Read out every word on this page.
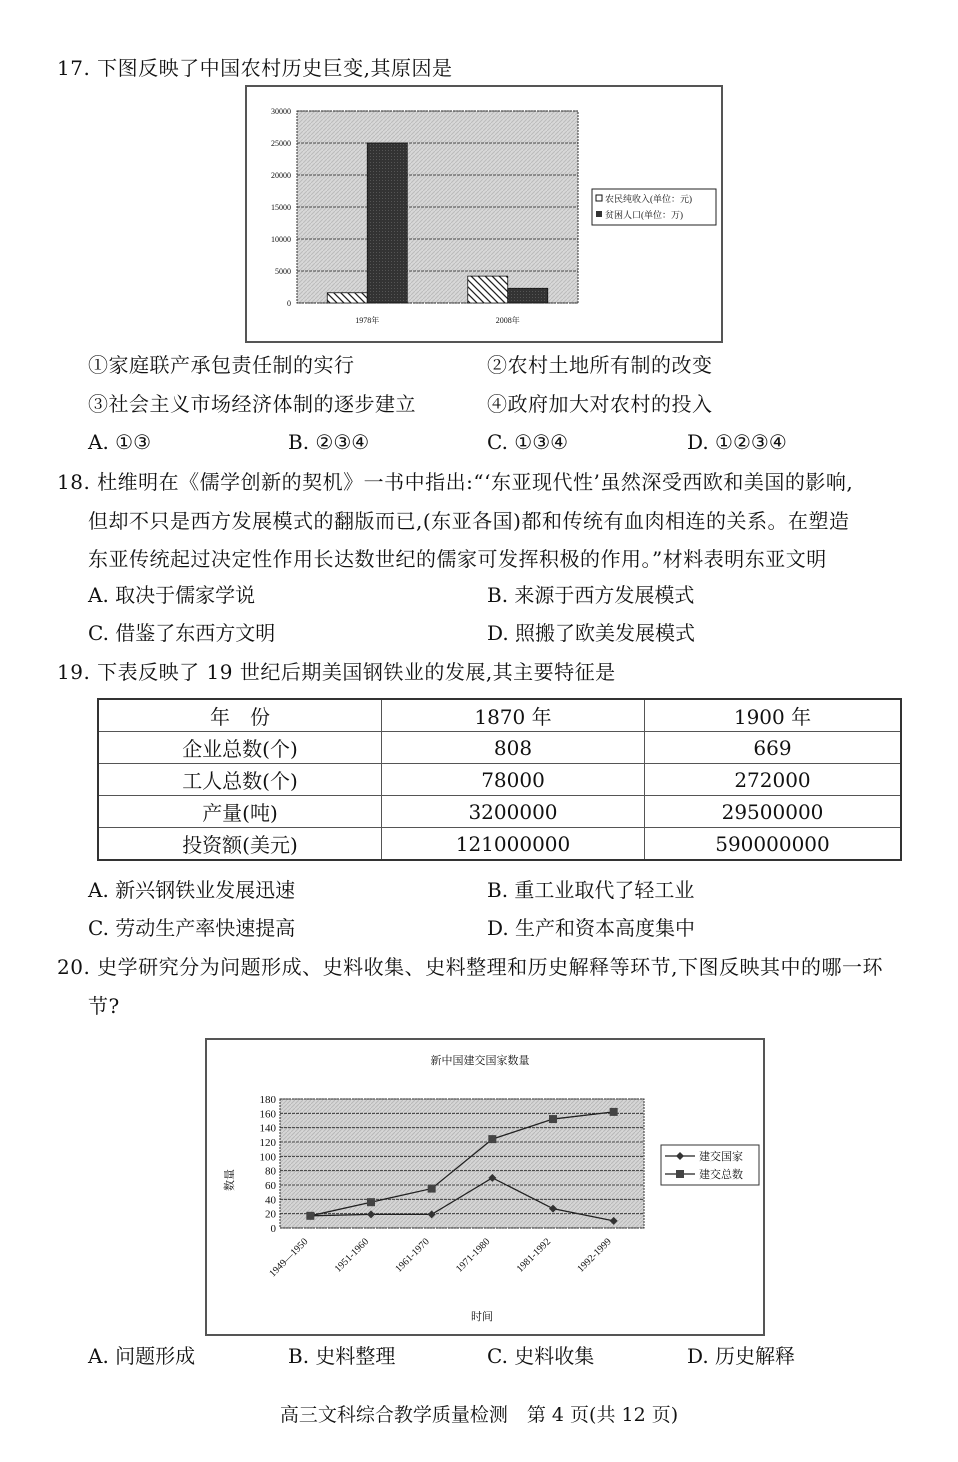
17. 下图反映了中国农村历史巨变,其原因是
0
5000
10000
15000
20000
25000
30000
1978年	2008年
农民纯收入(单位：元)
贫困人口(单位：万)
①家庭联产承包责任制的实行	②农村土地所有制的改变
③社会主义市场经济体制的逐步建立	④政府加大对农村的投入
A. ①③	B. ②③④	C. ①③④	D. ①②③④
18. 杜维明在《儒学创新的契机》一书中指出:“‘东亚现代性’虽然深受西欧和美国的影响,
但却不只是西方发展模式的翻版而已,(东亚各国)都和传统有血肉相连的关系。在塑造
东亚传统起过决定性作用长达数世纪的儒家可发挥积极的作用。”材料表明东亚文明
A. 取决于儒家学说	B. 来源于西方发展模式
C. 借鉴了东西方文明	D. 照搬了欧美发展模式
19. 下表反映了 19 世纪后期美国钢铁业的发展,其主要特征是
年　份	1870 年	1900 年
企业总数(个)	808	669
工人总数(个)	78000	272000
产量(吨)	3200000	29500000
投资额(美元)	121000000	590000000
A. 新兴钢铁业发展迅速	B. 重工业取代了轻工业
C. 劳动生产率快速提高	D. 生产和资本高度集中
20. 史学研究分为问题形成、史料收集、史料整理和历史解释等环节,下图反映其中的哪一环
节?
新中国建交国家数量
0
20
40
60
80
100
120
140
160
180
1949—1950 1951-1960 1961-1970 1971-1980 1981-1992 1992-1999
建交国家
建交总数
时间
数量
A. 问题形成	B. 史料整理	C. 史料收集	D. 历史解释
高三文科综合教学质量检测　第 4 页(共 12 页)
